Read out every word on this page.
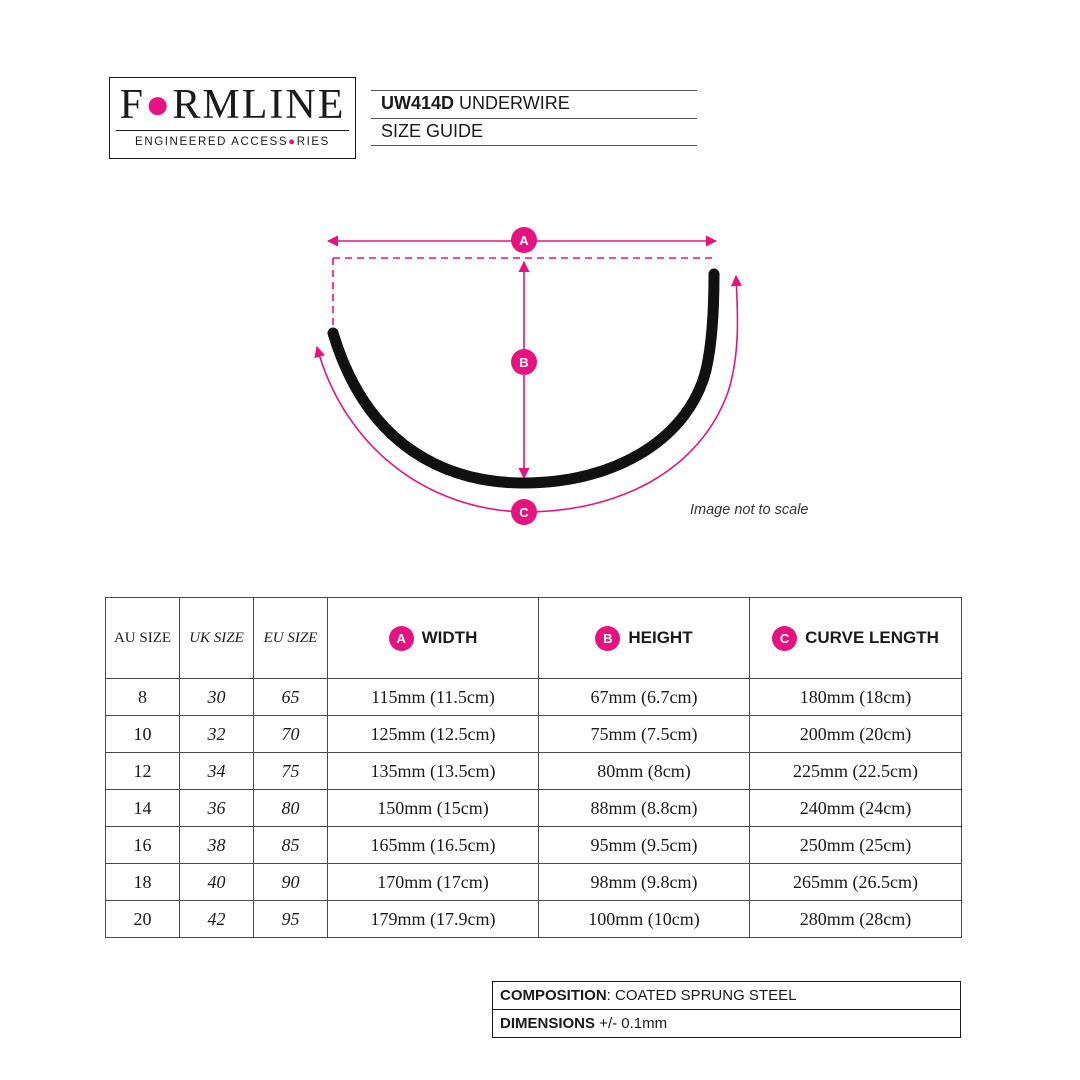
F●RMLINE
ENGINEERED ACCESS●RIES
UW414D UNDERWIRE
SIZE GUIDE
A
B
C	Image not to scale
AU SIZE	UK SIZE	EU SIZE	A WIDTH	B HEIGHT	C CURVE LENGTH

8	30	65	115mm (11.5cm)	67mm (6.7cm)	180mm (18cm)
10	32	70	125mm (12.5cm)	75mm (7.5cm)	200mm (20cm)
12	34	75	135mm (13.5cm)	80mm (8cm)	225mm (22.5cm)
14	36	80	150mm (15cm)	88mm (8.8cm)	240mm (24cm)
16	38	85	165mm (16.5cm)	95mm (9.5cm)	250mm (25cm)
18	40	90	170mm (17cm)	98mm (9.8cm)	265mm (26.5cm)
20	42	95	179mm (17.9cm)	100mm (10cm)	280mm (28cm)
COMPOSITION: COATED SPRUNG STEEL
DIMENSIONS +/- 0.1mm
